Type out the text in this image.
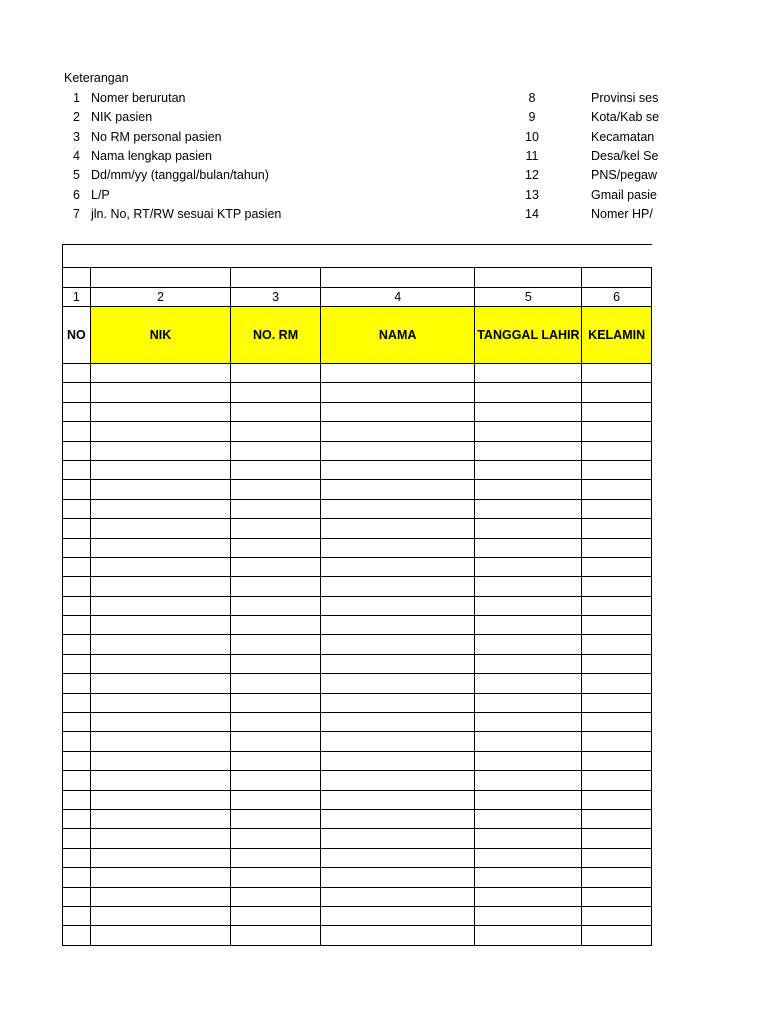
Keterangan
1 Nomer berurutan
2 NIK pasien
3 No RM personal pasien
4 Nama lengkap pasien
5 Dd/mm/yy (tanggal/bulan/tahun)
6 L/P
7 jln. No, RT/RW sesuai KTP pasien
8	Provinsi ses
9	Kota/Kab se
10	Kecamatan
11	Desa/kel Se
12	PNS/pegaw
13	Gmail pasie
14	Nomer HP/

1	2	3	4	5	6
NO	NIK	NO. RM	NAMA	TANGGAL LAHIR	KELAMIN
